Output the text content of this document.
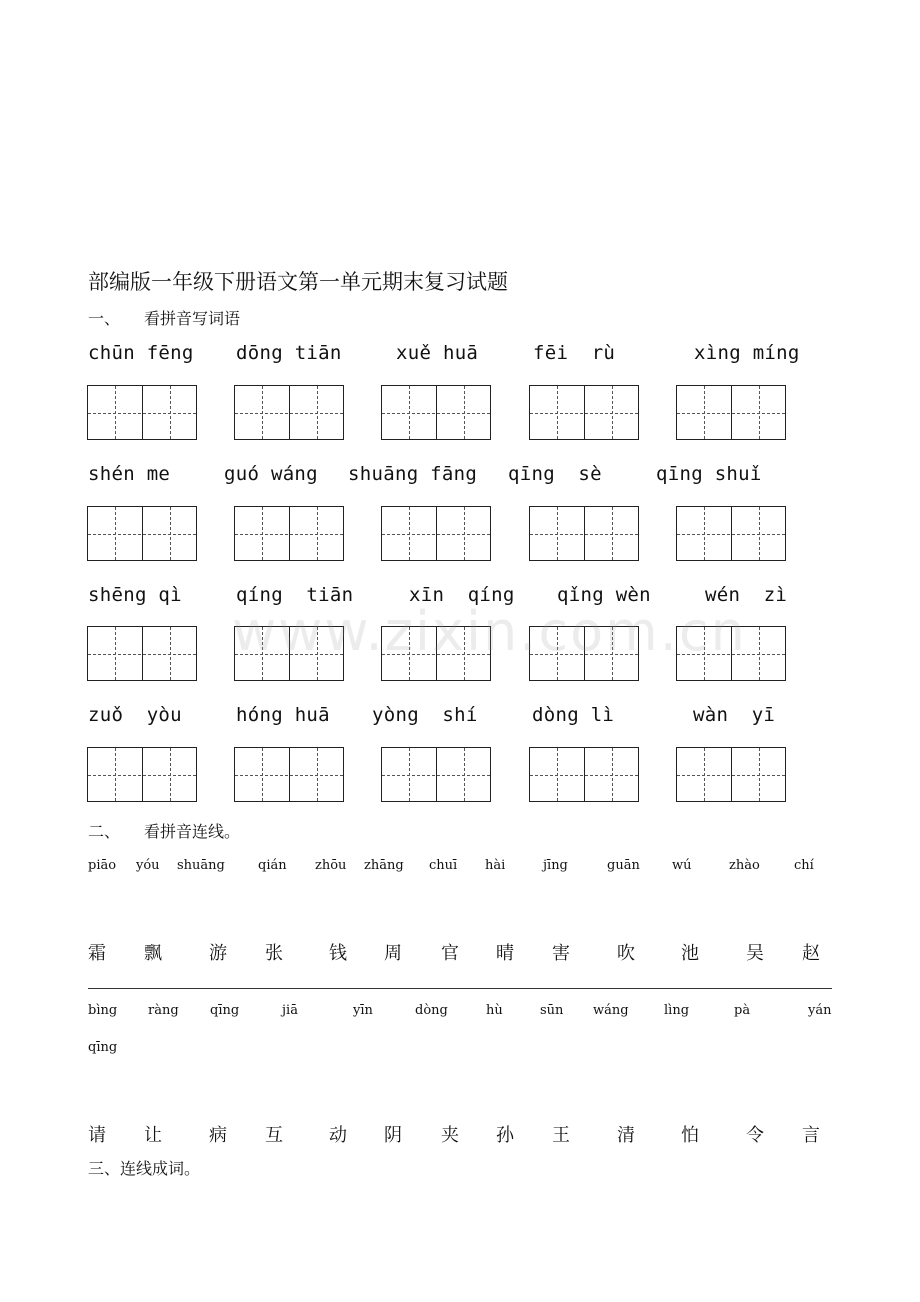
部编版一年级下册语文第一单元期末复习试题
一、 看拼音写词语
chūn fēng dōng tiān	xuě huā	fēi  rù	xìng míng
shén me	guó wáng shuāng fāng qīng  sè	qīng shuǐ
shēng qì	qíng  tiān	xīn  qíng qǐng wèn	wén  zì
zuǒ  yòu	hóng huā yòng  shí	dòng lì	wàn  yī
www.zixin.com.cn
二、 看拼音连线。
piāo yóu shuāng	qián zhōu zhāng chuī hài	jīng	guān wú	zhào	chí
霜 飘	游 张	钱 周 官 晴 害	吹	池	吴 赵
bìng ràng qīng	jiā	yīn	dòng	hù	sūn wáng	lìng	pà	yán
qīng
请 让	病 互	动 阴 夹 孙 王	清	怕	令 言
三、连线成词。
